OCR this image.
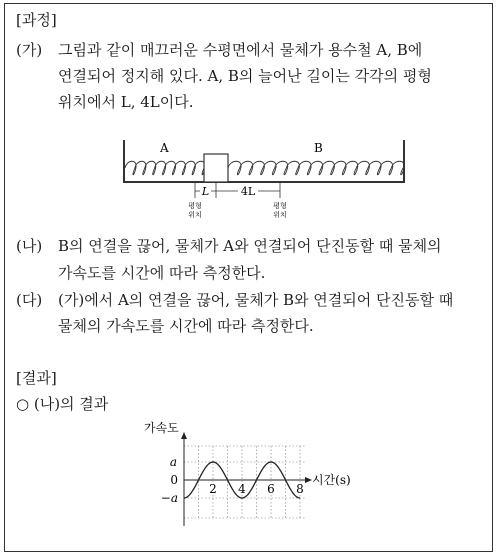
[과정]
(가) 그림과 같이 매끄러운 수평면에서 물체가 용수철 A, B에
연결되어 정지해 있다. A, B의 늘어난 길이는 각각의 평형
위치에서 L, 4L이다.
A	B
L	4L
평형
위치
평형
위치
(나) B의 연결을 끊어, 물체가 A와 연결되어 단진동할 때 물체의
가속도를 시간에 따라 측정한다.
(다) (가)에서 A의 연결을 끊어, 물체가 B와 연결되어 단진동할 때
물체의 가속도를 시간에 따라 측정한다.
[결과]
○ (나)의 결과
가속도
시간(s)
a
0
−a
2 4 6 8
